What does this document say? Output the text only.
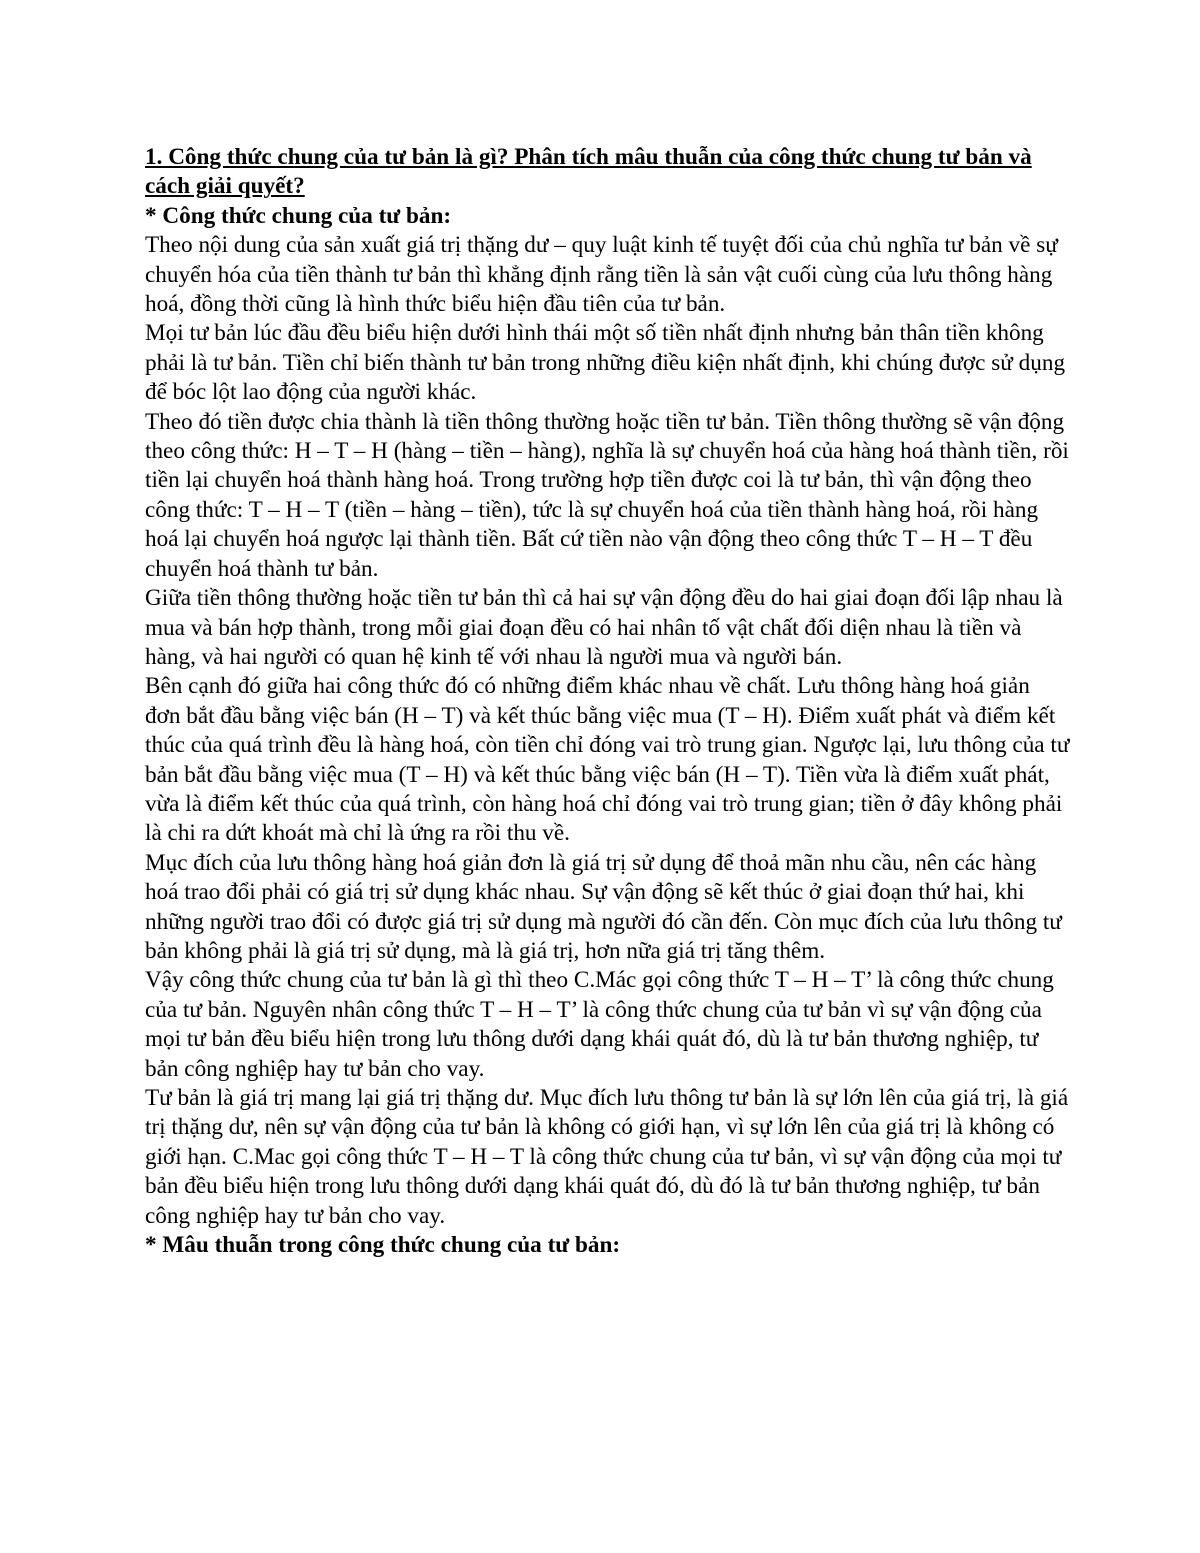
1. Công thức chung của tư bản là gì? Phân tích mâu thuẫn của công thức chung tư bản và cách giải quyết?

* Công thức chung của tư bản:

Theo nội dung của sản xuất giá trị thặng dư – quy luật kinh tế tuyệt đối của chủ nghĩa tư bản về sự chuyển hóa của tiền thành tư bản thì khẳng định rằng tiền là sản vật cuối cùng của lưu thông hàng hoá, đồng thời cũng là hình thức biểu hiện đầu tiên của tư bản.

Mọi tư bản lúc đầu đều biểu hiện dưới hình thái một số tiền nhất định nhưng bản thân tiền không phải là tư bản. Tiền chỉ biến thành tư bản trong những điều kiện nhất định, khi chúng được sử dụng để bóc lột lao động của người khác.

Theo đó tiền được chia thành là tiền thông thường hoặc tiền tư bản. Tiền thông thường sẽ vận động theo công thức: H – T – H (hàng – tiền – hàng), nghĩa là sự chuyển hoá của hàng hoá thành tiền, rồi tiền lại chuyển hoá thành hàng hoá. Trong trường hợp tiền được coi là tư bản, thì vận động theo công thức: T – H – T (tiền – hàng – tiền), tức là sự chuyển hoá của tiền thành hàng hoá, rồi hàng hoá lại chuyển hoá ngược lại thành tiền. Bất cứ tiền nào vận động theo công thức T – H – T đều chuyển hoá thành tư bản.

Giữa tiền thông thường hoặc tiền tư bản thì cả hai sự vận động đều do hai giai đoạn đối lập nhau là mua và bán hợp thành, trong mỗi giai đoạn đều có hai nhân tố vật chất đối diện nhau là tiền và hàng, và hai người có quan hệ kinh tế với nhau là người mua và người bán.

Bên cạnh đó giữa hai công thức đó có những điểm khác nhau về chất. Lưu thông hàng hoá giản đơn bắt đầu bằng việc bán (H – T) và kết thúc bằng việc mua (T – H). Điểm xuất phát và điểm kết thúc của quá trình đều là hàng hoá, còn tiền chỉ đóng vai trò trung gian. Ngược lại, lưu thông của tư bản bắt đầu bằng việc mua (T – H) và kết thúc bằng việc bán (H – T). Tiền vừa là điểm xuất phát, vừa là điểm kết thúc của quá trình, còn hàng hoá chỉ đóng vai trò trung gian; tiền ở đây không phải là chi ra dứt khoát mà chỉ là ứng ra rồi thu về.

Mục đích của lưu thông hàng hoá giản đơn là giá trị sử dụng để thoả mãn nhu cầu, nên các hàng hoá trao đổi phải có giá trị sử dụng khác nhau. Sự vận động sẽ kết thúc ở giai đoạn thứ hai, khi những người trao đổi có được giá trị sử dụng mà người đó cần đến. Còn mục đích của lưu thông tư bản không phải là giá trị sử dụng, mà là giá trị, hơn nữa giá trị tăng thêm.

Vậy công thức chung của tư bản là gì thì theo C.Mác gọi công thức T – H – T’ là công thức chung của tư bản. Nguyên nhân công thức T – H – T’ là công thức chung của tư bản vì sự vận động của mọi tư bản đều biểu hiện trong lưu thông dưới dạng khái quát đó, dù là tư bản thương nghiệp, tư bản công nghiệp hay tư bản cho vay.

Tư bản là giá trị mang lại giá trị thặng dư. Mục đích lưu thông tư bản là sự lớn lên của giá trị, là giá trị thặng dư, nên sự vận động của tư bản là không có giới hạn, vì sự lớn lên của giá trị là không có giới hạn. C.Mac gọi công thức T – H – T là công thức chung của tư bản, vì sự vận động của mọi tư bản đều biểu hiện trong lưu thông dưới dạng khái quát đó, dù đó là tư bản thương nghiệp, tư bản công nghiệp hay tư bản cho vay.

* Mâu thuẫn trong công thức chung của tư bản:
